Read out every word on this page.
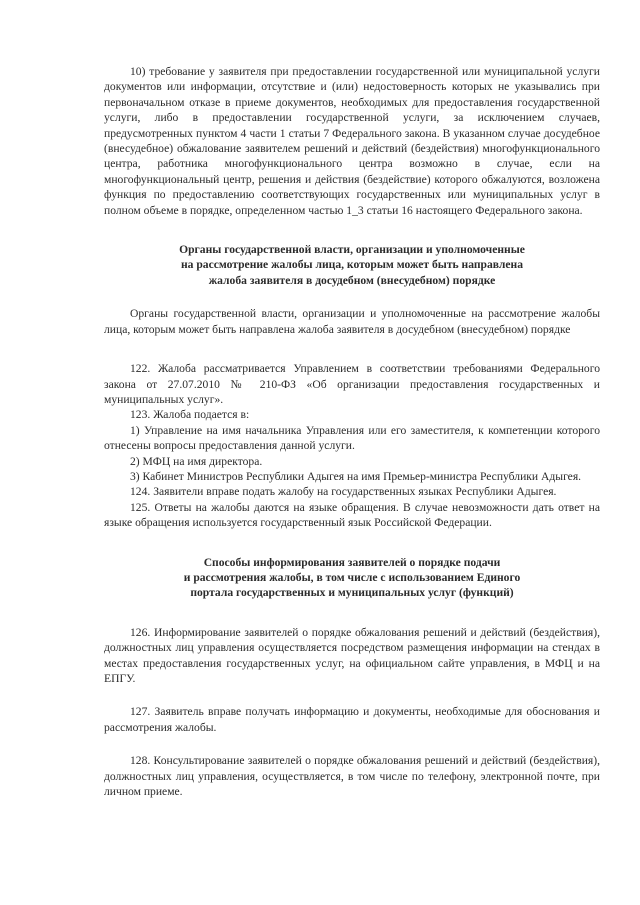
10) требование у заявителя при предоставлении государственной или муниципальной услуги документов или информации, отсутствие и (или) недостоверность которых не указывались при первоначальном отказе в приеме документов, необходимых для предоставления государственной услуги, либо в предоставлении государственной услуги, за исключением случаев, предусмотренных пунктом 4 части 1 статьи 7 Федерального закона. В указанном случае досудебное (внесудебное) обжалование заявителем решений и действий (бездействия) многофункционального центра, работника многофункционального центра возможно в случае, если на многофункциональный центр, решения и действия (бездействие) которого обжалуются, возложена функция по предоставлению соответствующих государственных или муниципальных услуг в полном объеме в порядке, определенном частью 1_3 статьи 16 настоящего Федерального закона.

Органы государственной власти, организации и уполномоченные
на рассмотрение жалобы лица, которым может быть направлена
жалоба заявителя в досудебном (внесудебном) порядке

Органы государственной власти, организации и уполномоченные на рассмотрение жалобы лица, которым может быть направлена жалоба заявителя в досудебном (внесудебном) порядке

122. Жалоба рассматривается Управлением в соответствии требованиями Федерального закона от 27.07.2010 № 210-ФЗ «Об организации предоставления государственных и муниципальных услуг».

123. Жалоба подается в:

1) Управление на имя начальника Управления или его заместителя, к компетенции которого отнесены вопросы предоставления данной услуги.

2) МФЦ на имя директора.

3) Кабинет Министров Республики Адыгея на имя Премьер-министра Республики Адыгея.

124. Заявители вправе подать жалобу на государственных языках Республики Адыгея.

125. Ответы на жалобы даются на языке обращения. В случае невозможности дать ответ на языке обращения используется государственный язык Российской Федерации.

Способы информирования заявителей о порядке подачи
и рассмотрения жалобы, в том числе с использованием Единого
портала государственных и муниципальных услуг (функций)

126. Информирование заявителей о порядке обжалования решений и действий (бездействия), должностных лиц управления осуществляется посредством размещения информации на стендах в местах предоставления государственных услуг, на официальном сайте управления, в МФЦ и на ЕПГУ.

127. Заявитель вправе получать информацию и документы, необходимые для обоснования и рассмотрения жалобы.

128. Консультирование заявителей о порядке обжалования решений и действий (бездействия), должностных лиц управления, осуществляется, в том числе по телефону, электронной почте, при личном приеме.
